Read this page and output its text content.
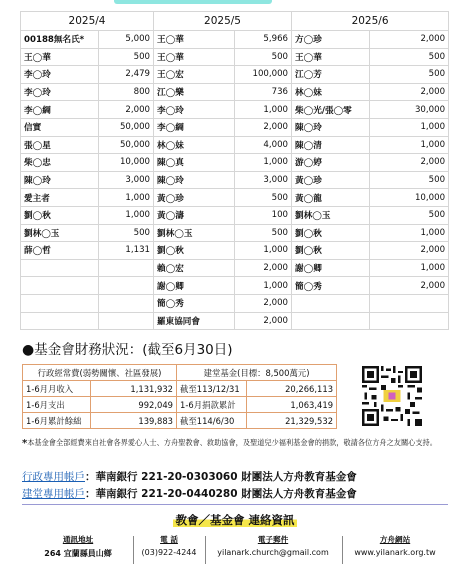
2025/4		2025/5		2025/6	
00188無名氏*	5,000	王◯華	5,966	方◯珍	2,000
王◯華	500	王◯華	500	王◯華	500
李◯玲	2,479	王◯宏	100,000	江◯芳	500
李◯玲	800	江◯樂	736	林◯妹	2,000
李◯綢	2,000	李◯玲	1,000	柴◯光/張◯零	30,000
信實	50,000	李◯綢	2,000	陳◯玲	1,000
張◯星	50,000	林◯妹	4,000	陳◯清	1,000
柴◯忠	10,000	陳◯真	1,000	游◯婷	2,000
陳◯玲	3,000	陳◯玲	3,000	黃◯珍	500
愛主者	1,000	黃◯珍	500	黃◯龍	10,000
劉◯秋	1,000	黃◯濤	100	劉林◯玉	500
劉林◯玉	500	劉林◯玉	500	劉◯秋	1,000
薛◯哲	1,131	劉◯秋	1,000	劉◯秋	2,000
		賴◯宏	2,000	謝◯卿	1,000
		謝◯卿	1,000	簡◯秀	2,000
		簡◯秀	2,000		
		羅東協同會	2,000		
●基金會財務狀況：(截至6月30日)
行政經常費(弱勢關懷、社區發展)		建堂基金(目標：8,500萬元)	
1-6月月收入	1,131,932	截至113/12/31	20,266,113
1-6月支出	992,049	1-6月捐款累計	1,063,419
1-6月累計餘絀	139,883	截至114/6/30	21,329,532
*本基金會全部經費來自社會各界愛心人士、方舟聖教會、救助協會，及聖道兒少福利基金會的捐款，敬請各位方舟之友關心支持。
行政專用帳戶：華南銀行 221-20-0303060 財團法人方舟教育基金會
建堂專用帳戶：華南銀行 221-20-0440280 財團法人方舟教育基金會
教會／基金會 連絡資訊
通訊地址
264 宜蘭縣員山鄉
電 話
(03)922-4244
電子郵件
yilanark.church@gmail.com
方舟網站
www.yilanark.org.tw
